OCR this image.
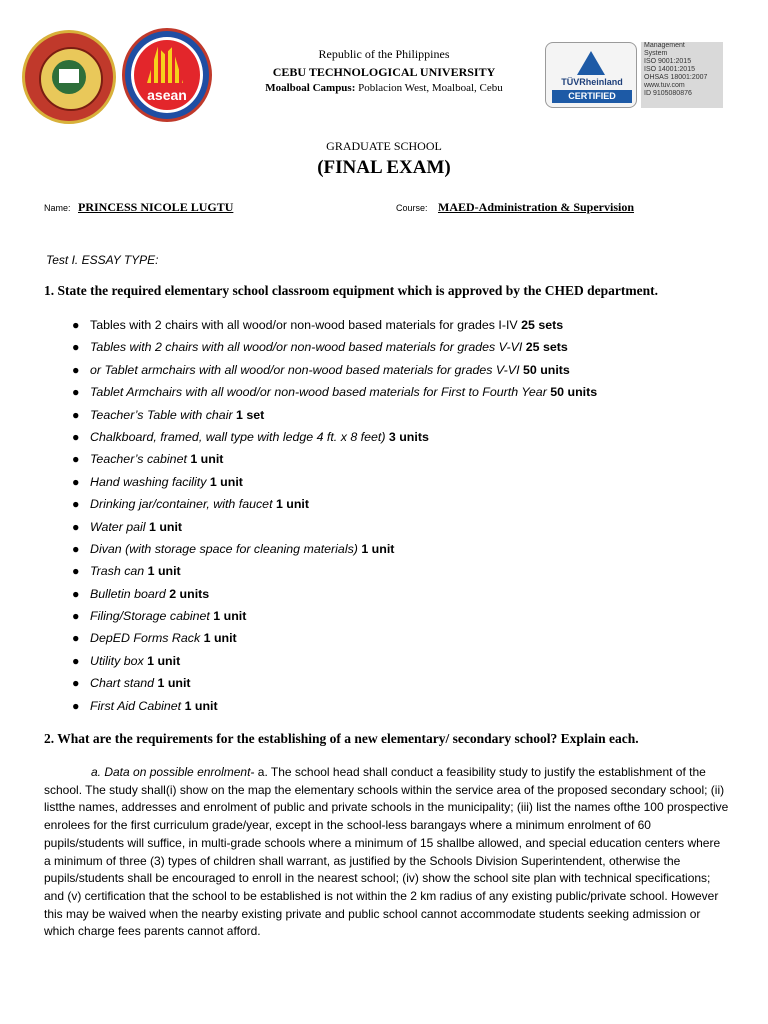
asean
TÜVRheinland
CERTIFIED
Management
System
ISO 9001:2015
ISO 14001:2015
OHSAS 18001:2007
www.tuv.com
ID 9105080876
Republic of the Philippines
CEBU TECHNOLOGICAL UNIVERSITY
Moalboal Campus: Poblacion West, Moalboal, Cebu
GRADUATE SCHOOL
(FINAL EXAM)
Name: PRINCESS NICOLE LUGTU	Course: MAED-Administration & Supervision
Test I. ESSAY TYPE:
1. State the required elementary school classroom equipment which is approved by the CHED department.
● Tables with 2 chairs with all wood/or non-wood based materials for grades I-IV 25 sets
● Tables with 2 chairs with all wood/or non-wood based materials for grades V-VI 25 sets
● or Tablet armchairs with all wood/or non-wood based materials for grades V-VI 50 units
● Tablet Armchairs with all wood/or non-wood based materials for First to Fourth Year 50 units
● Teacher’s Table with chair 1 set
● Chalkboard, framed, wall type with ledge 4 ft. x 8 feet) 3 units
● Teacher’s cabinet 1 unit
● Hand washing facility 1 unit
● Drinking jar/container, with faucet 1 unit
● Water pail 1 unit
● Divan (with storage space for cleaning materials) 1 unit
● Trash can 1 unit
● Bulletin board 2 units
● Filing/Storage cabinet 1 unit
● DepED Forms Rack 1 unit
● Utility box 1 unit
● Chart stand 1 unit
● First Aid Cabinet 1 unit
2. What are the requirements for the establishing of a new elementary/ secondary school? Explain each.

a. Data on possible enrolment- a. The school head shall conduct a feasibility study to justify the establishment of the school. The study shall(i) show on the map the elementary schools within the service area of the proposed secondary school; (ii) listthe names, addresses and enrolment of public and private schools in the municipality; (iii) list the names ofthe 100 prospective enrolees for the first curriculum grade/year, except in the school-less barangays where a minimum enrolment of 60 pupils/students will suffice, in multi-grade schools where a minimum of 15 shallbe allowed, and special education centers where a minimum of three (3) types of children shall warrant, as justified by the Schools Division Superintendent, otherwise the pupils/students shall be encouraged to enroll in the nearest school; (iv) show the school site plan with technical specifications; and (v) certification that the school to be established is not within the 2 km radius of any existing public/private school. However this may be waived when the nearby existing private and public school cannot accommodate students seeking admission or which charge fees parents cannot afford.
